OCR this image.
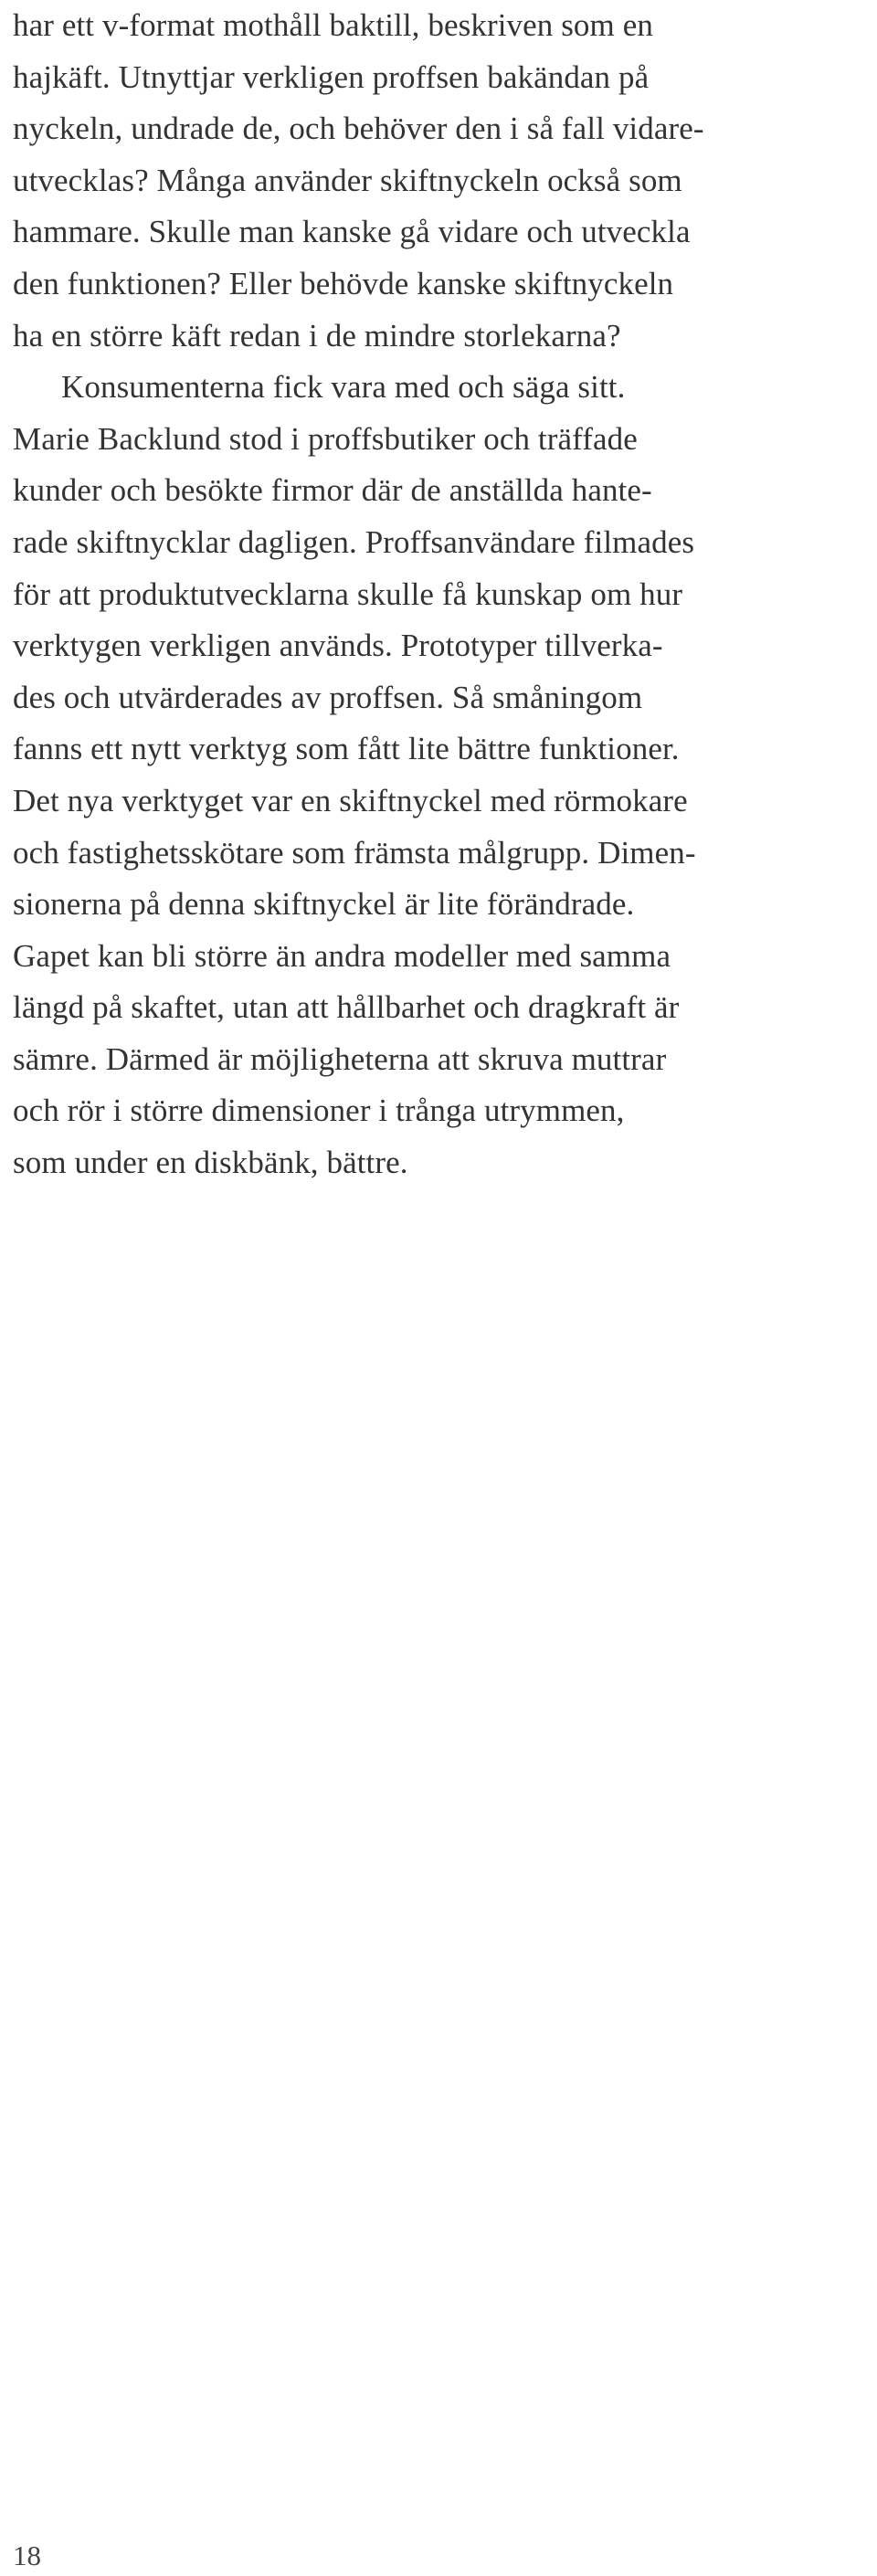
har ett v-format mothåll baktill, beskriven som en
hajkäft. Utnyttjar verkligen proffsen bakändan på
nyckeln, undrade de, och behöver den i så fall vidare-
utvecklas? Många använder skiftnyckeln också som
hammare. Skulle man kanske gå vidare och utveckla
den funktionen? Eller behövde kanske skiftnyckeln
ha en större käft redan i de mindre storlekarna?
Konsumenterna fick vara med och säga sitt.
Marie Backlund stod i proffsbutiker och träffade
kunder och besökte firmor där de anställda hante-
rade skiftnycklar dagligen. Proffsanvändare filmades
för att produktutvecklarna skulle få kunskap om hur
verktygen verkligen används. Prototyper tillverka-
des och utvärderades av proffsen. Så småningom
fanns ett nytt verktyg som fått lite bättre funktioner.
Det nya verktyget var en skiftnyckel med rörmokare
och fastighetsskötare som främsta målgrupp. Dimen-
sionerna på denna skiftnyckel är lite förändrade.
Gapet kan bli större än andra modeller med samma
längd på skaftet, utan att hållbarhet och dragkraft är
sämre. Därmed är möjligheterna att skruva muttrar
och rör i större dimensioner i trånga utrymmen,
som under en diskbänk, bättre.
18
